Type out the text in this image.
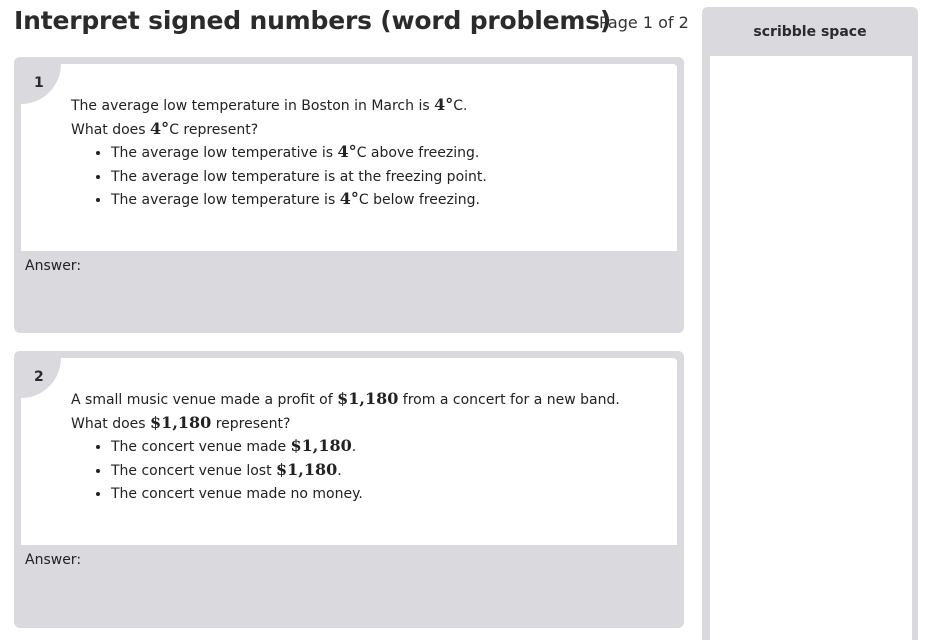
Interpret signed numbers (word problems)
Page 1 of 2
1

The average low temperature in Boston in March is 4°C.

What does 4°C represent?

• The average low temperative is 4°C above freezing.
• The average low temperature is at the freezing point.
• The average low temperature is 4°C below freezing.
Answer:
2

A small music venue made a profit of $1,180 from a concert for a new band.

What does $1,180 represent?

• The concert venue made $1,180.
• The concert venue lost $1,180.
• The concert venue made no money.
Answer:
scribble space
